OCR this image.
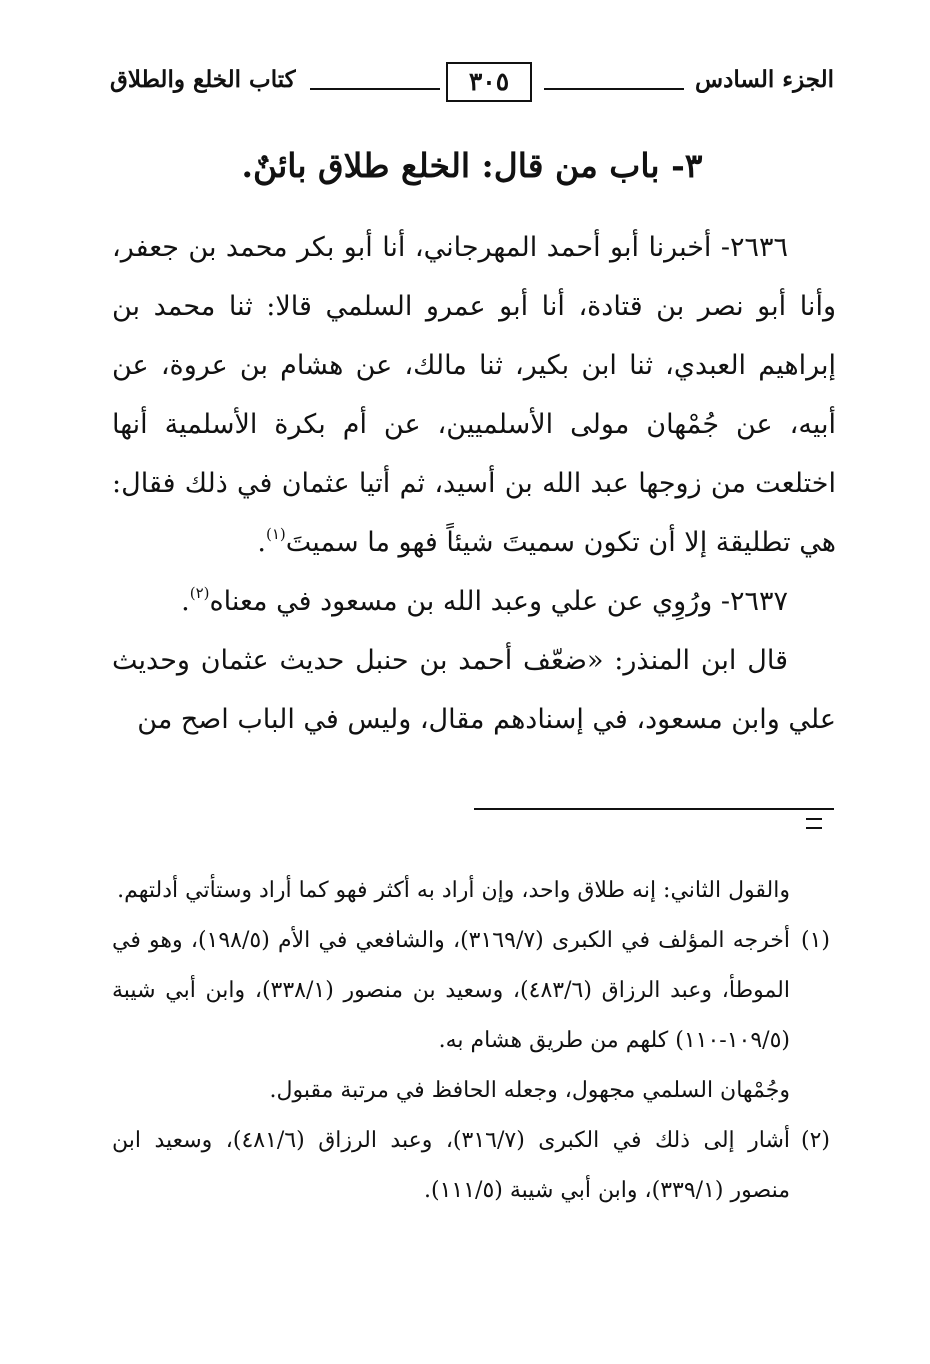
الجزء السادس
٣٠٥
كتاب الخلع والطلاق
٣- باب من قال: الخلع طلاق بائنٌ.

٢٦٣٦- أخبرنا أبو أحمد المهرجاني، أنا أبو بكر محمد بن جعفر، وأنا أبو نصر بن قتادة، أنا أبو عمرو السلمي قالا: ثنا محمد بن إبراهيم العبدي، ثنا ابن بكير، ثنا مالك، عن هشام بن عروة، عن أبيه، عن جُمْهان مولى الأسلميين، عن أم بكرة الأسلمية أنها اختلعت من زوجها عبد الله بن أسيد، ثم أتيا عثمان في ذلك فقال: هي تطليقة إلا أن تكون سميتَ شيئاً فهو ما سميتَ$^{(١)}$.

٢٦٣٧- ورُوِي عن علي وعبد الله بن مسعود في معناه$^{(٢)}$.

قال ابن المنذر: «ضعّف أحمد بن حنبل حديث عثمان وحديث علي وابن مسعود، في إسنادهم مقال، وليس في الباب اصح من

والقول الثاني: إنه طلاق واحد، وإن أراد به أكثر فهو كما أراد وستأتي أدلتهم.

(١)أخرجه المؤلف في الكبرى (٣١٦٩/٧)، والشافعي في الأم (١٩٨/٥)، وهو في الموطأ، وعبد الرزاق (٤٨٣/٦)، وسعيد بن منصور (٣٣٨/١)، وابن أبي شيبة (١٠٩/٥-١١٠) كلهم من طريق هشام به.

وجُمْهان السلمي مجهول، وجعله الحافظ في مرتبة مقبول.

(٢)أشار إلى ذلك في الكبرى (٣١٦/٧)، وعبد الرزاق (٤٨١/٦)، وسعيد ابن منصور (٣٣٩/١)، وابن أبي شيبة (١١١/٥).
